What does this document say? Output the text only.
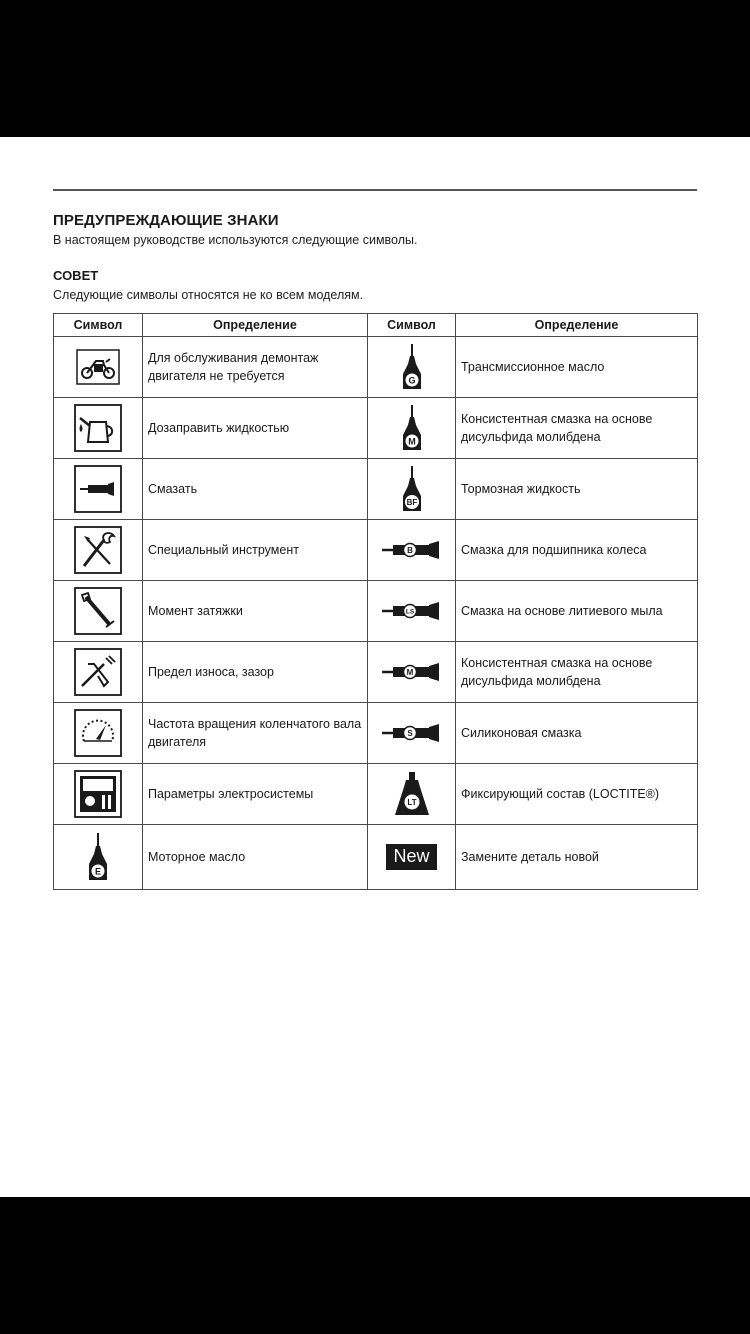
ПРЕДУПРЕЖДАЮЩИЕ ЗНАКИ
В настоящем руководстве используются следующие символы.
СОВЕТ
Следующие символы относятся не ко всем моделям.
Символ	Определение	Символ	Определение

	Для обслуживания демонтаж двигателя не требуется	G	Трансмиссионное масло

	Дозаправить жидкостью	M	Консистентная смазка на основе дисульфида молибдена

	Смазать	BF	Тормозная жидкость

	Специальный инструмент	B	Смазка для подшипника колеса

	Момент затяжки	LS	Смазка на основе литиевого мыла

	Предел износа, зазор	M	Консистентная смазка на основе дисульфида молибдена

	Частота вращения коленчатого вала двигателя	S	Силиконовая смазка

	Параметры электросистемы	LT	Фиксирующий состав (LOCTITE®)

E	Моторное масло	New	Замените деталь новой
